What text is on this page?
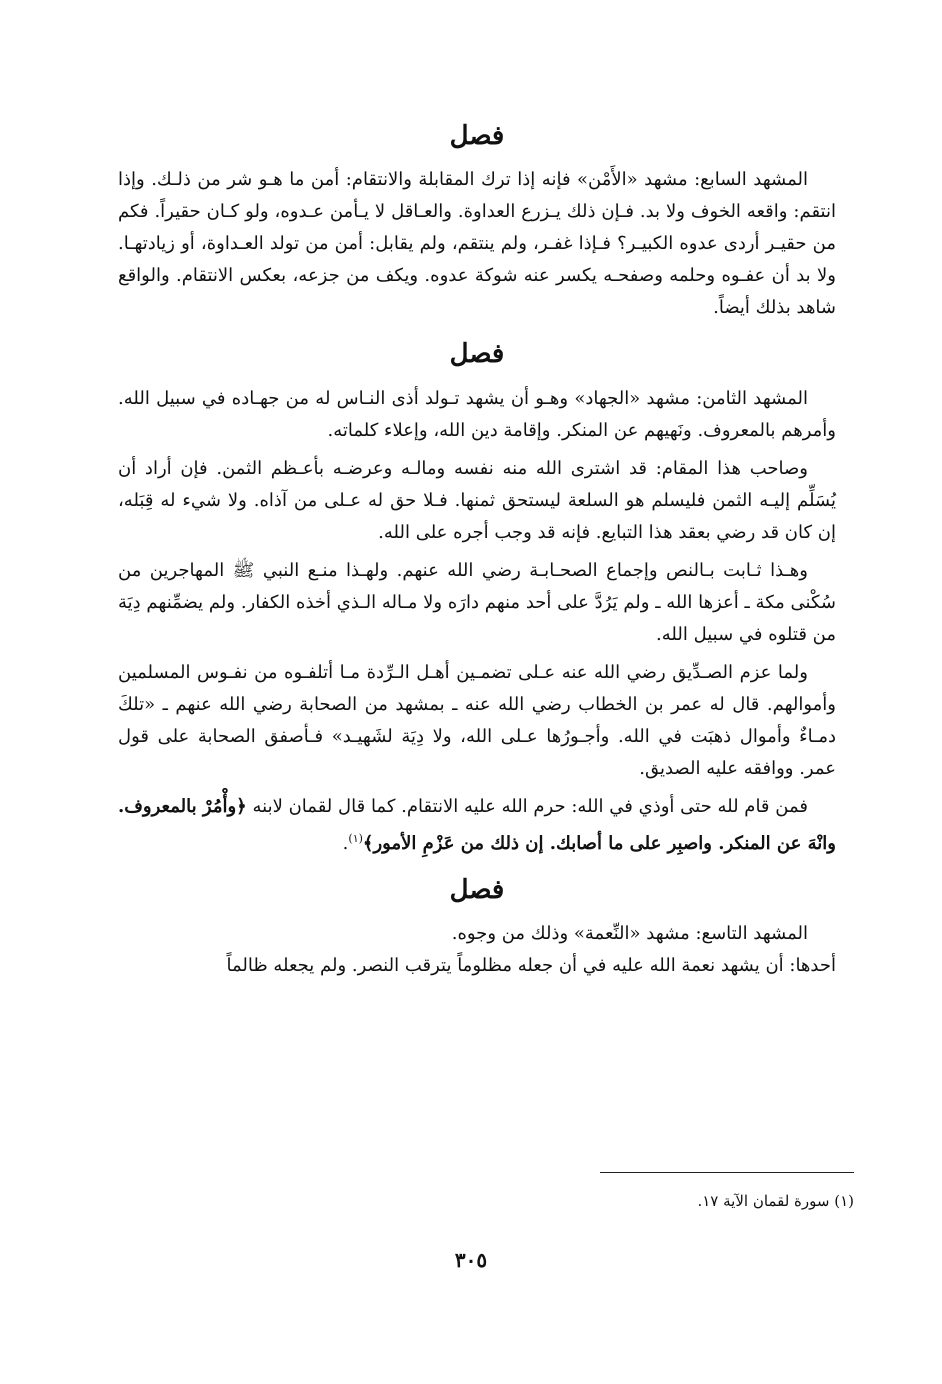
فصل

المشهد السابع: مشهد «الأَمْن» فإنه إذا ترك المقابلة والانتقام: أمن ما هـو شر من ذلـك. وإذا انتقم: واقعه الخوف ولا بد. فـإن ذلك يـزرع العداوة. والعـاقل لا يـأمن عـدوه، ولو كـان حقيراً. فكم من حقيـر أردى عدوه الكبيـر؟ فـإذا غفـر، ولم ينتقم، ولم يقابل: أمن من تولد العـداوة، أو زيادتهـا. ولا بد أن عفـوه وحلمه وصفحـه يكسر عنه شوكة عدوه. ويكف من جزعه، بعكس الانتقام. والواقع شاهد بذلك أيضاً.

فصل

المشهد الثامن: مشهد «الجهاد» وهـو أن يشهد تـولد أذى النـاس له من جهـاده في سبيل الله. وأمرهم بالمعروف. ونَهيهم عن المنكر. وإقامة دين الله، وإعلاء كلماته.

وصاحب هذا المقام: قد اشترى الله منه نفسه ومالـه وعرضـه بأعـظم الثمن. فإن أراد أن يُسَلِّم إليـه الثمن فليسلم هو السلعة ليستحق ثمنها. فـلا حق له عـلى من آذاه. ولا شيء له قِبَله، إن كان قد رضي بعقد هذا التبايع. فإنه قد وجب أجره على الله.

وهـذا ثـابت بـالنص وإجماع الصحـابـة رضي الله عنهم. ولهـذا منـع النبي ﷺ المهاجرين من سُكْنى مكة ـ أعزها الله ـ ولم يَرُدَّ على أحد منهم دارَه ولا مـاله الـذي أخذه الكفار. ولم يضمِّنهم دِيَة من قتلوه في سبيل الله.

ولما عزم الصـدِّيق رضي الله عنه عـلى تضمـين أهـل الـرِّدة مـا أتلفـوه من نفـوس المسلمين وأموالهم. قال له عمر بن الخطاب رضي الله عنه ـ بمشهد من الصحابة رضي الله عنهم ـ «تلكَ دمـاءٌ وأموال ذهبَت في الله. وأجـورُها عـلى الله، ولا دِيَة لشَهيـد» فـأصفق الصحابة على قول عمر. ووافقه عليه الصديق.

فمن قام لله حتى أوذي في الله: حرم الله عليه الانتقام. كما قال لقمان لابنه ﴿وأْمُرْ بالمعروف. وانْهَ عن المنكر. واصبِر على ما أصابك. إن ذلك من عَزْمِ الأمور﴾$^{(١)}$.

فصل

المشهد التاسع: مشهد «النِّعمة» وذلك من وجوه.

أحدها: أن يشهد نعمة الله عليه في أن جعله مظلوماً يترقب النصر. ولم يجعله ظالماً

(١) سورة لقمان الآية ١٧.
٣٠٥
